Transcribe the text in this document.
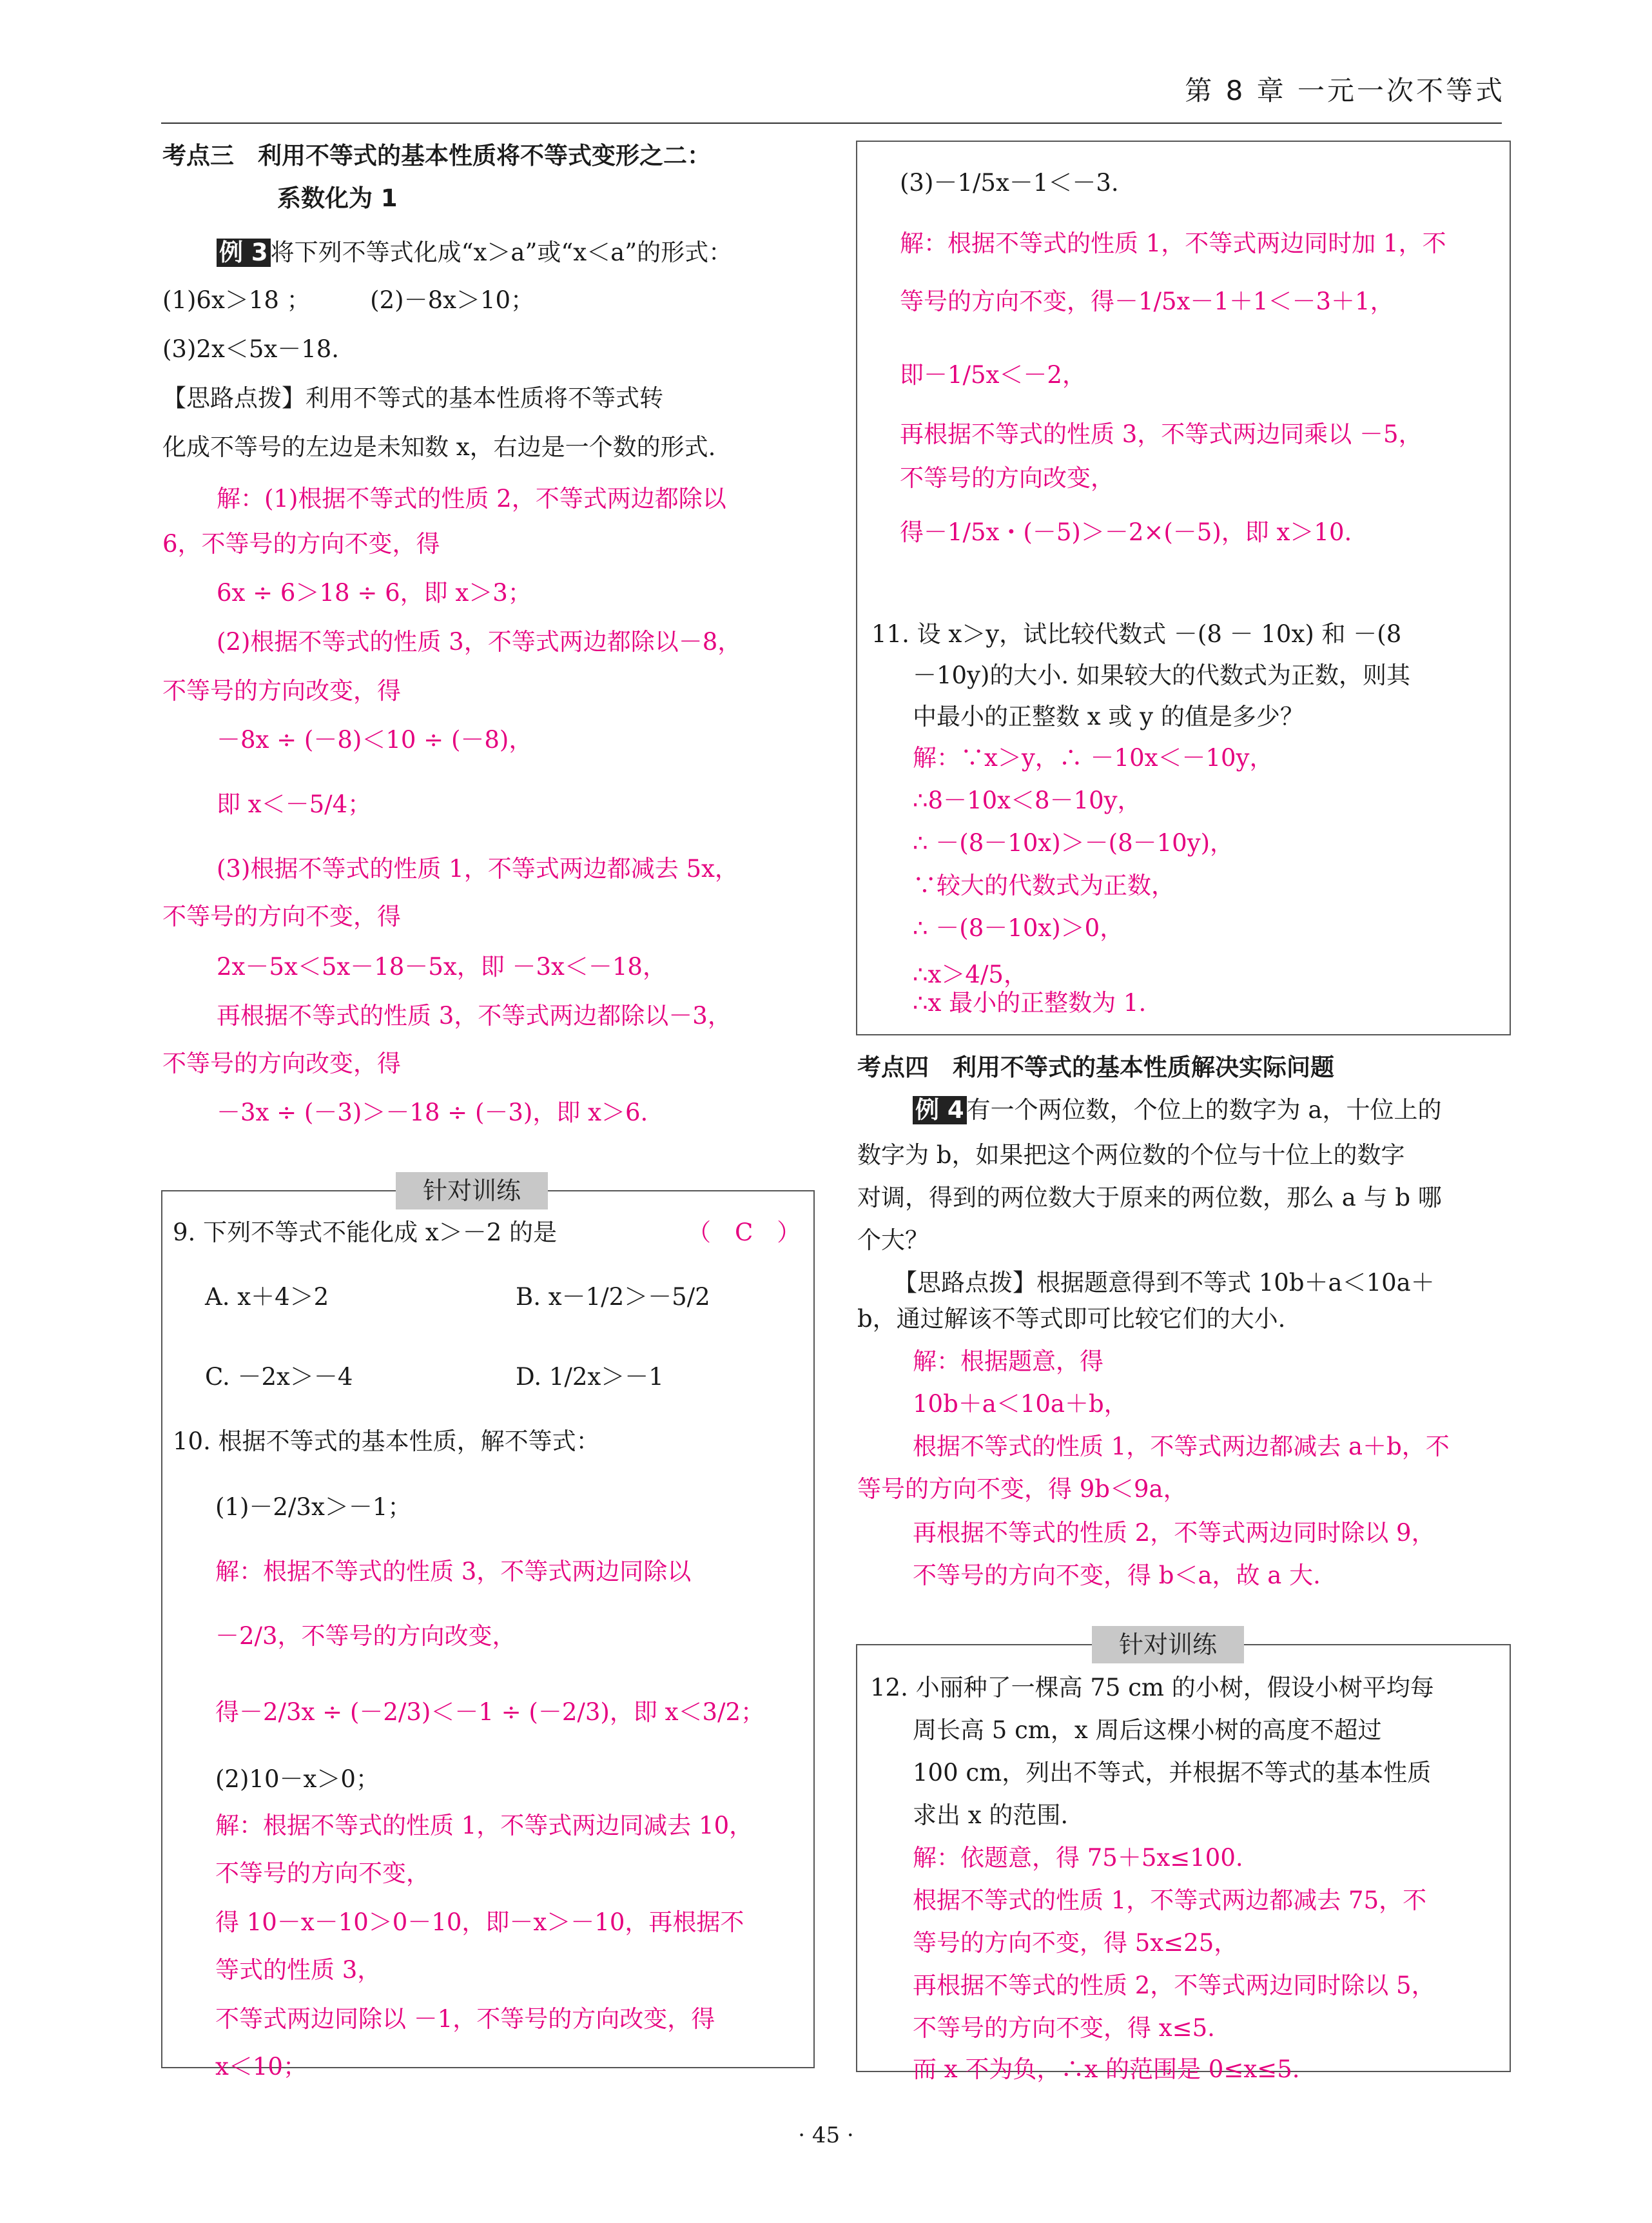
第 8 章 一元一次不等式
考点三　利用不等式的基本性质将不等式变形之二：
系数化为 1
例 3 将下列不等式化成“x＞a”或“x＜a”的形式：
(1)6x＞18 ；　　　(2)－8x＞10；
(3)2x＜5x－18.
【思路点拨】利用不等式的基本性质将不等式转
化成不等号的左边是未知数 x，右边是一个数的形式.
解：(1)根据不等式的性质 2，不等式两边都除以
6，不等号的方向不变，得
6x ÷ 6＞18 ÷ 6，即 x＞3；
(2)根据不等式的性质 3，不等式两边都除以－8，
不等号的方向改变，得
－8x ÷ (－8)＜10 ÷ (－8)，
即 x＜－5/4；
(3)根据不等式的性质 1，不等式两边都减去 5x，
不等号的方向不变，得
2x－5x＜5x－18－5x，即 －3x＜－18，
再根据不等式的性质 3，不等式两边都除以－3，
不等号的方向改变，得
－3x ÷ (－3)＞－18 ÷ (－3)，即 x＞6.
针对训练
9. 下列不等式不能化成 x＞－2 的是	（　C　）
A. x＋4＞2	B. x－1/2＞－5/2
C. －2x＞－4	D. 1/2x＞－1
10. 根据不等式的基本性质，解不等式：
(1)－2/3x＞－1；
解：根据不等式的性质 3，不等式两边同除以
－2/3，不等号的方向改变，
得－2/3x ÷ (－2/3)＜－1 ÷ (－2/3)，即 x＜3/2；
(2)10－x＞0；
解：根据不等式的性质 1，不等式两边同减去 10，
不等号的方向不变，
得 10－x－10＞0－10，即－x＞－10，再根据不
等式的性质 3，
不等式两边同除以 －1，不等号的方向改变，得
x＜10；
(3)－1/5x－1＜－3.
解：根据不等式的性质 1，不等式两边同时加 1，不
等号的方向不变，得－1/5x－1＋1＜－3＋1，
即－1/5x＜－2，
再根据不等式的性质 3，不等式两边同乘以 －5，
不等号的方向改变，
得－1/5x・(－5)＞－2×(－5)，即 x＞10.
11. 设 x＞y，试比较代数式 －(8 － 10x) 和 －(8
－10y)的大小. 如果较大的代数式为正数，则其
中最小的正整数 x 或 y 的值是多少？
解：∵x＞y，∴ －10x＜－10y，
∴8－10x＜8－10y，
∴ －(8－10x)＞－(8－10y)，
∵较大的代数式为正数，
∴ －(8－10x)＞0，
∴x＞4/5，
∴x 最小的正整数为 1.
考点四　利用不等式的基本性质解决实际问题
例 4 有一个两位数，个位上的数字为 a，十位上的
数字为 b，如果把这个两位数的个位与十位上的数字
对调，得到的两位数大于原来的两位数，那么 a 与 b 哪
个大？
【思路点拨】根据题意得到不等式 10b＋a＜10a＋
b，通过解该不等式即可比较它们的大小.
解：根据题意，得
10b＋a＜10a＋b，
根据不等式的性质 1，不等式两边都减去 a＋b，不
等号的方向不变，得 9b＜9a，
再根据不等式的性质 2，不等式两边同时除以 9，
不等号的方向不变，得 b＜a，故 a 大.
针对训练
12. 小丽种了一棵高 75 cm 的小树，假设小树平均每
周长高 5 cm，x 周后这棵小树的高度不超过
100 cm，列出不等式，并根据不等式的基本性质
求出 x 的范围.
解：依题意，得 75＋5x≤100.
根据不等式的性质 1，不等式两边都减去 75，不
等号的方向不变，得 5x≤25，
再根据不等式的性质 2，不等式两边同时除以 5，
不等号的方向不变，得 x≤5.
而 x 不为负，∴x 的范围是 0≤x≤5.
· 45 ·
